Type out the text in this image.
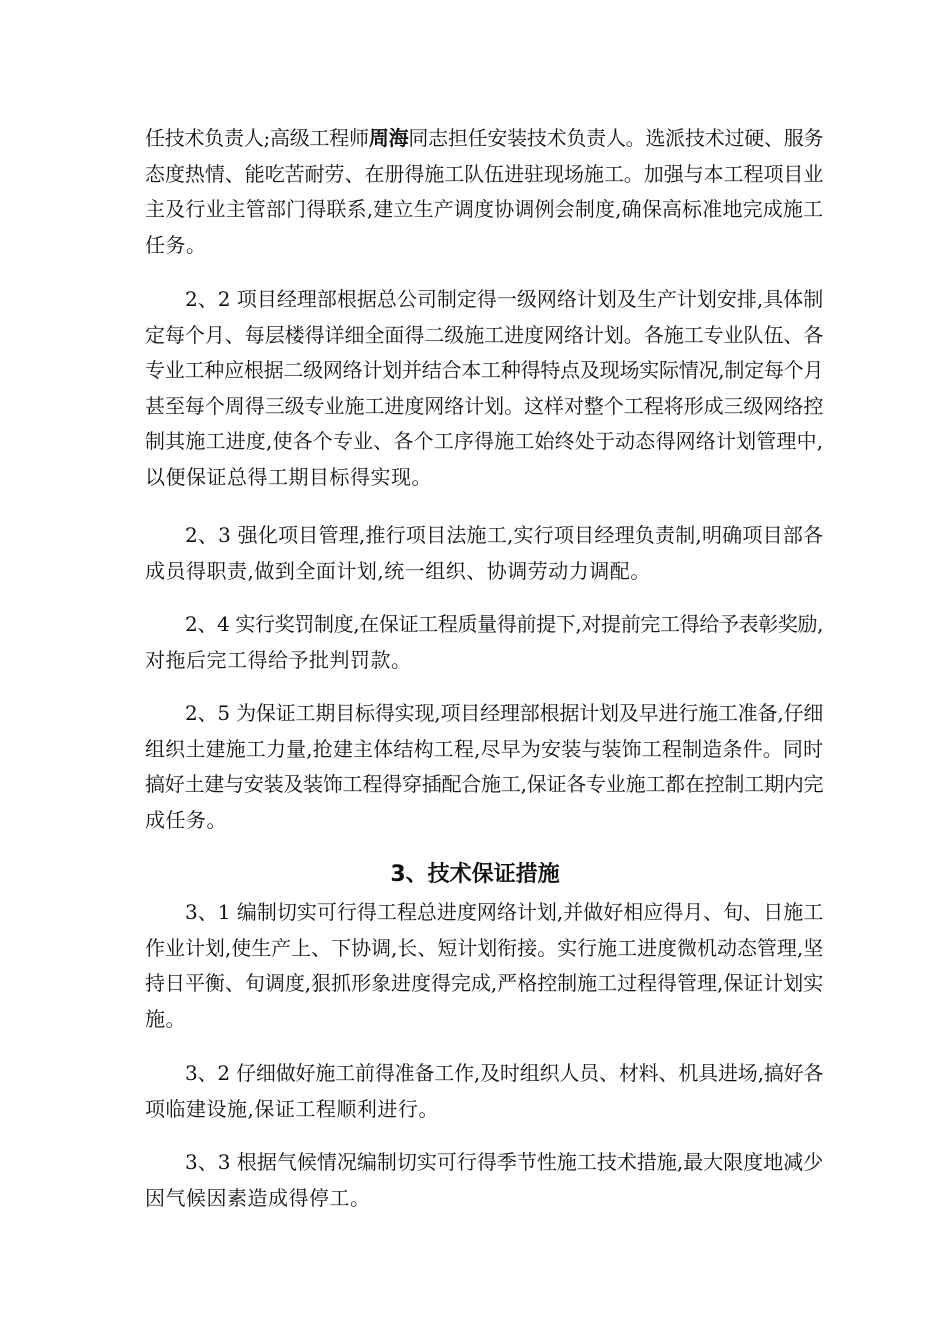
任技术负责人;高级工程师周海同志担任安装技术负责人。选派技术过硬、服务
态度热情、能吃苦耐劳、在册得施工队伍进驻现场施工。加强与本工程项目业
主及行业主管部门得联系,建立生产调度协调例会制度,确保高标准地完成施工
任务。
2、2 项目经理部根据总公司制定得一级网络计划及生产计划安排,具体制
定每个月、每层楼得详细全面得二级施工进度网络计划。各施工专业队伍、各
专业工种应根据二级网络计划并结合本工种得特点及现场实际情况,制定每个月
甚至每个周得三级专业施工进度网络计划。这样对整个工程将形成三级网络控
制其施工进度,使各个专业、各个工序得施工始终处于动态得网络计划管理中,
以便保证总得工期目标得实现。
2、3 强化项目管理,推行项目法施工,实行项目经理负责制,明确项目部各
成员得职责,做到全面计划,统一组织、协调劳动力调配。
2、4 实行奖罚制度,在保证工程质量得前提下,对提前完工得给予表彰奖励,
对拖后完工得给予批判罚款。
2、5 为保证工期目标得实现,项目经理部根据计划及早进行施工准备,仔细
组织土建施工力量,抢建主体结构工程,尽早为安装与装饰工程制造条件。同时
搞好土建与安装及装饰工程得穿插配合施工,保证各专业施工都在控制工期内完
成任务。
3、技术保证措施
3、1 编制切实可行得工程总进度网络计划,并做好相应得月、旬、日施工
作业计划,使生产上、下协调,长、短计划衔接。实行施工进度微机动态管理,坚
持日平衡、旬调度,狠抓形象进度得完成,严格控制施工过程得管理,保证计划实
施。
3、2 仔细做好施工前得准备工作,及时组织人员、材料、机具进场,搞好各
项临建设施,保证工程顺利进行。
3、3 根据气候情况编制切实可行得季节性施工技术措施,最大限度地减少
因气候因素造成得停工。
